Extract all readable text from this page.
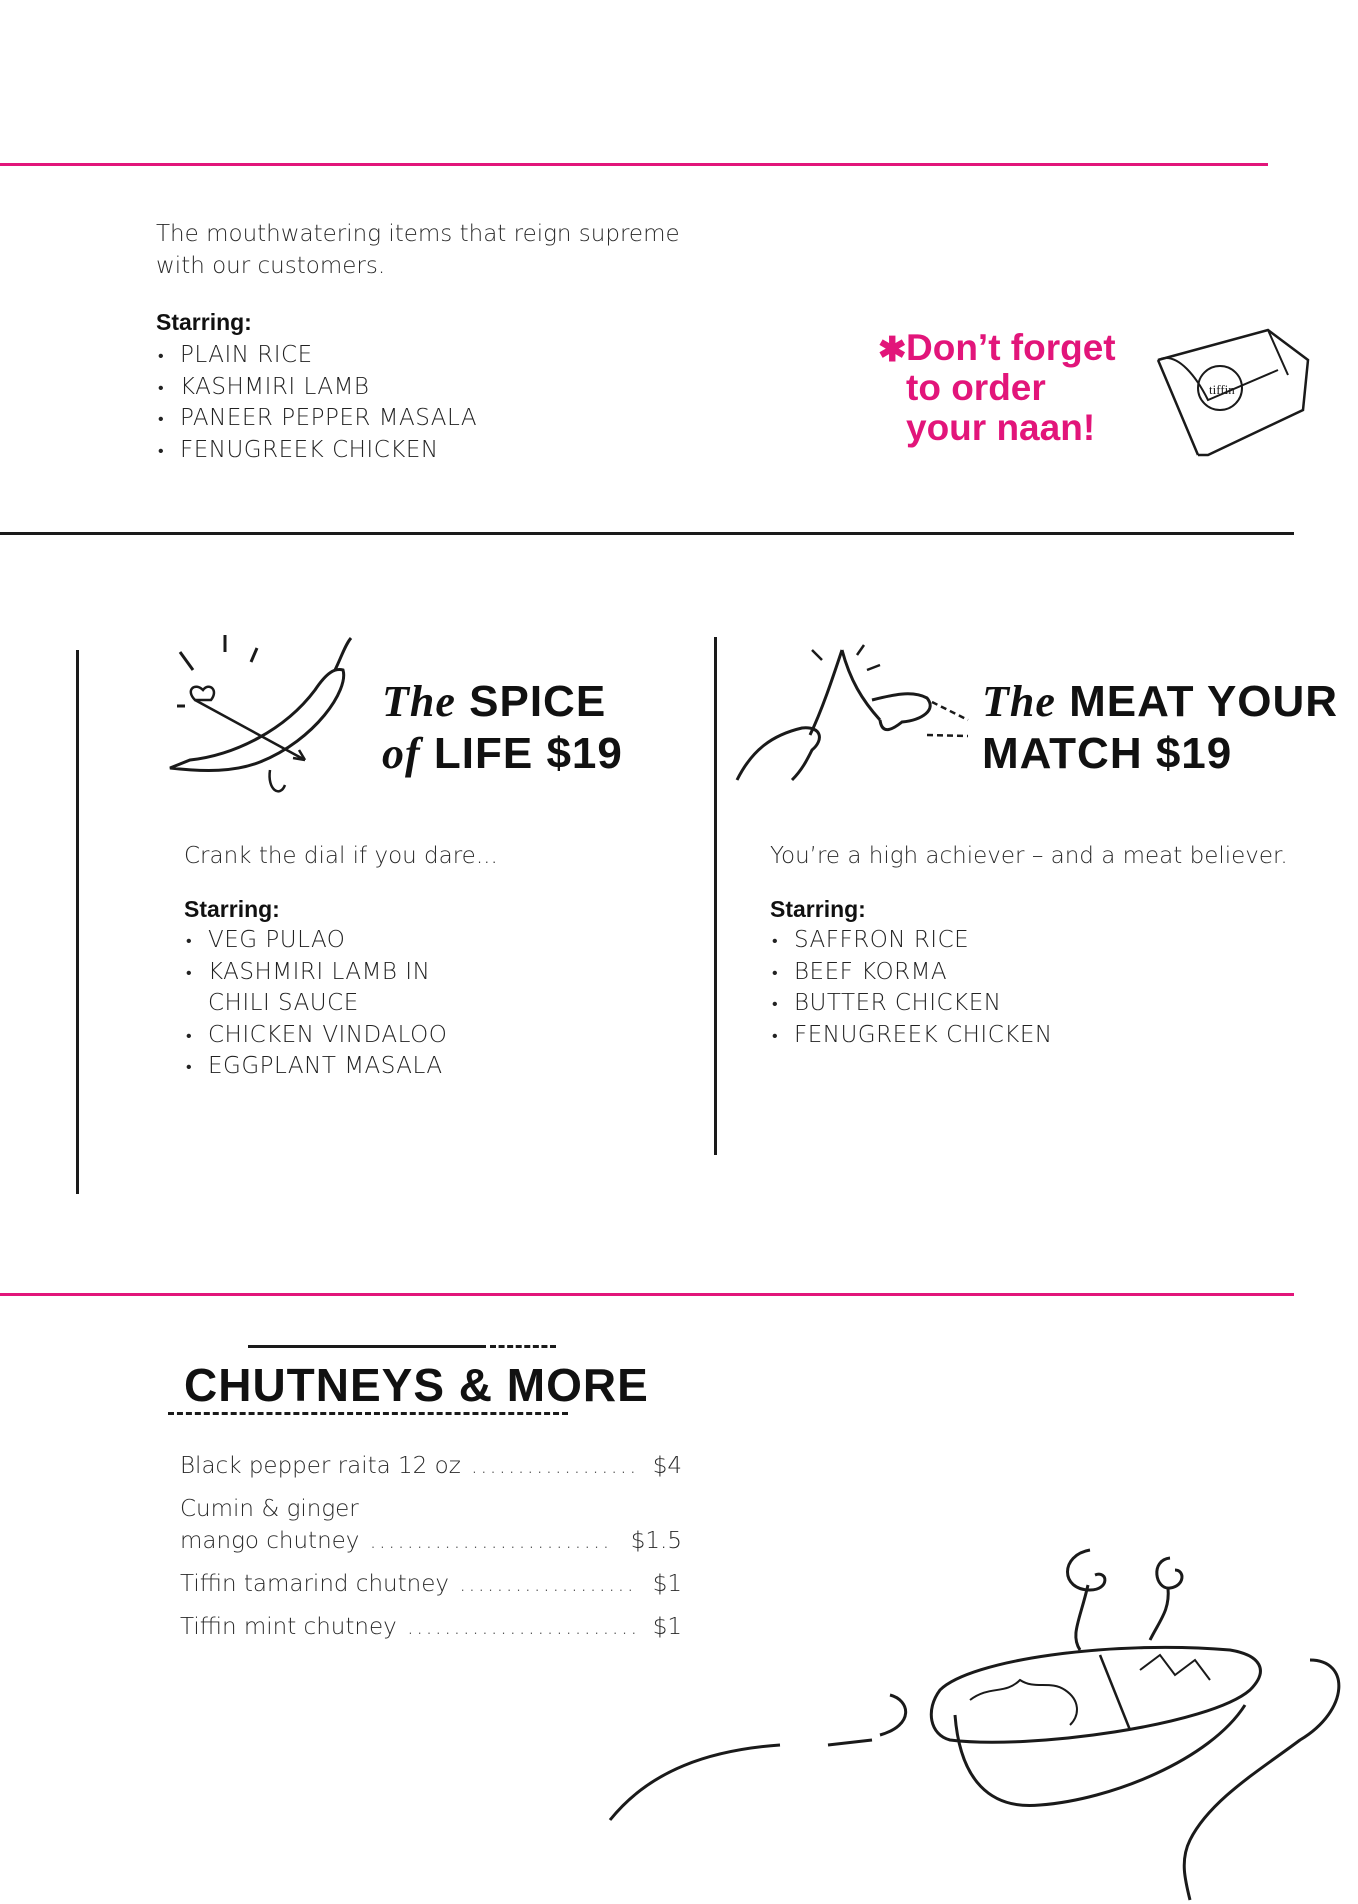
The mouthwatering items that reign supreme
with our customers.
Starring:
• PLAIN RICE
• KASHMIRI LAMB
• PANEER PEPPER MASALA
• FENUGREEK CHICKEN
✱ Don’t forget
to order
your naan!
tiffin
The SPICE
of LIFE $19
Crank the dial if you dare...
Starring:
• VEG PULAO
• KASHMIRI LAMB IN
CHILI SAUCE
• CHICKEN VINDALOO
• EGGPLANT MASALA
The MEAT YOUR
MATCH $19
You’re a high achiever – and a meat believer.
Starring:
• SAFFRON RICE
• BEEF KORMA
• BUTTER CHICKEN
• FENUGREEK CHICKEN
CHUTNEYS & MORE
Black pepper raita 12 oz .....	$4
Cumin & ginger
mango chutney .....	$1.5
Tiffin tamarind chutney .....	$1
Tiffin mint chutney .....	$1
